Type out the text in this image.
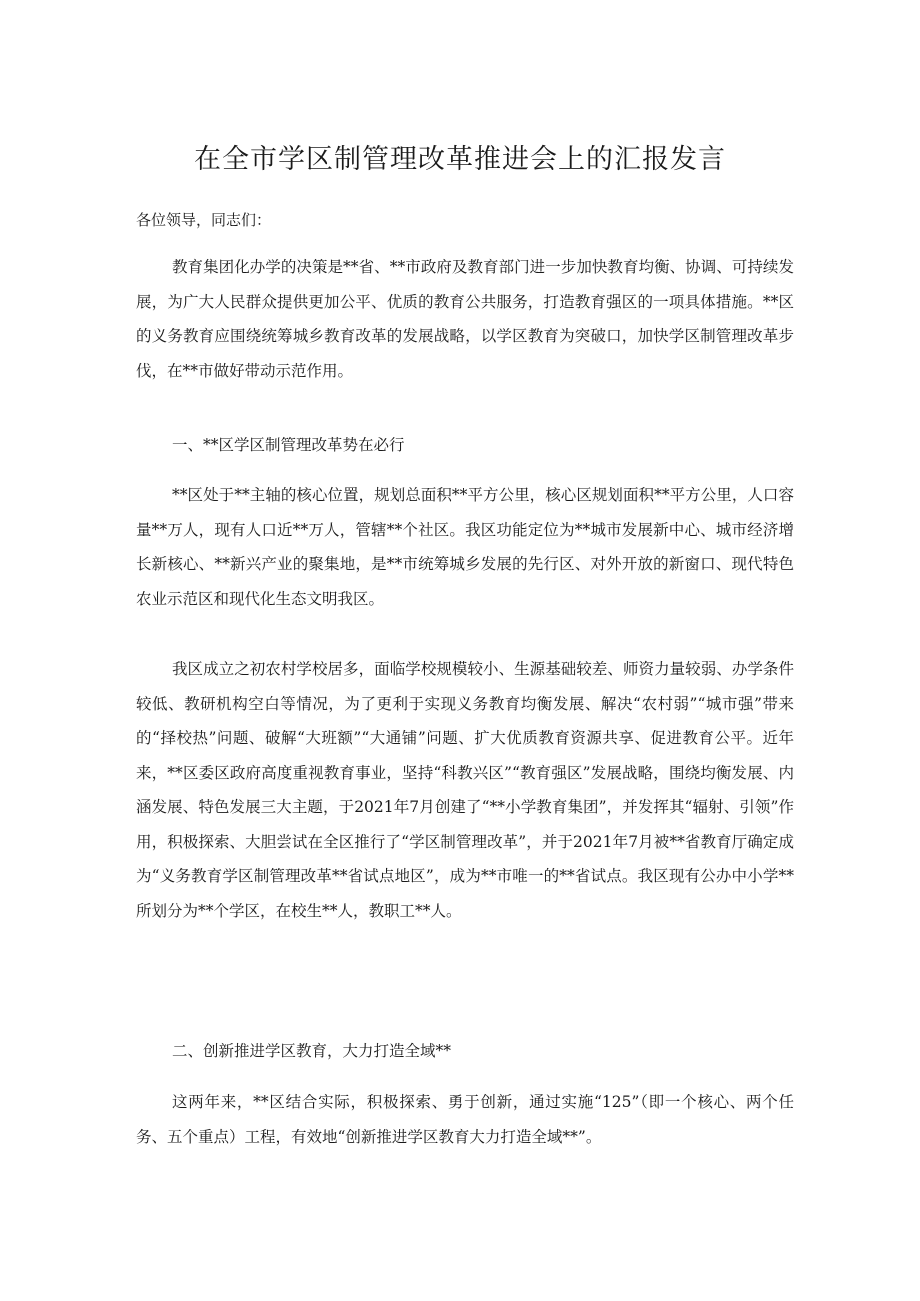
在全市学区制管理改革推进会上的汇报发言

各位领导，同志们：

教育集团化办学的决策是**省、**市政府及教育部门进一步加快教育均衡、协调、可持续发展，为广大人民群众提供更加公平、优质的教育公共服务，打造教育强区的一项具体措施。**区的义务教育应围绕统筹城乡教育改革的发展战略，以学区教育为突破口，加快学区制管理改革步伐，在**市做好带动示范作用。

一、**区学区制管理改革势在必行

**区处于**主轴的核心位置，规划总面积**平方公里，核心区规划面积**平方公里，人口容量**万人，现有人口近**万人，管辖**个社区。我区功能定位为**城市发展新中心、城市经济增长新核心、**新兴产业的聚集地，是**市统筹城乡发展的先行区、对外开放的新窗口、现代特色农业示范区和现代化生态文明我区。

我区成立之初农村学校居多，面临学校规模较小、生源基础较差、师资力量较弱、办学条件较低、教研机构空白等情况，为了更利于实现义务教育均衡发展、解决“农村弱”“城市强”带来的“择校热”问题、破解“大班额”“大通铺”问题、扩大优质教育资源共享、促进教育公平。近年来，**区委区政府高度重视教育事业，坚持“科教兴区”“教育强区”发展战略，围绕均衡发展、内涵发展、特色发展三大主题，于2021年7月创建了“**小学教育集团”，并发挥其“辐射、引领”作用，积极探索、大胆尝试在全区推行了“学区制管理改革”，并于2021年7月被**省教育厅确定成为“义务教育学区制管理改革**省试点地区”，成为**市唯一的**省试点。我区现有公办中小学**所划分为**个学区，在校生**人，教职工**人。

二、创新推进学区教育，大力打造全域**

这两年来，**区结合实际，积极探索、勇于创新，通过实施“125”（即一个核心、两个任务、五个重点）工程，有效地“创新推进学区教育大力打造全域**”。
